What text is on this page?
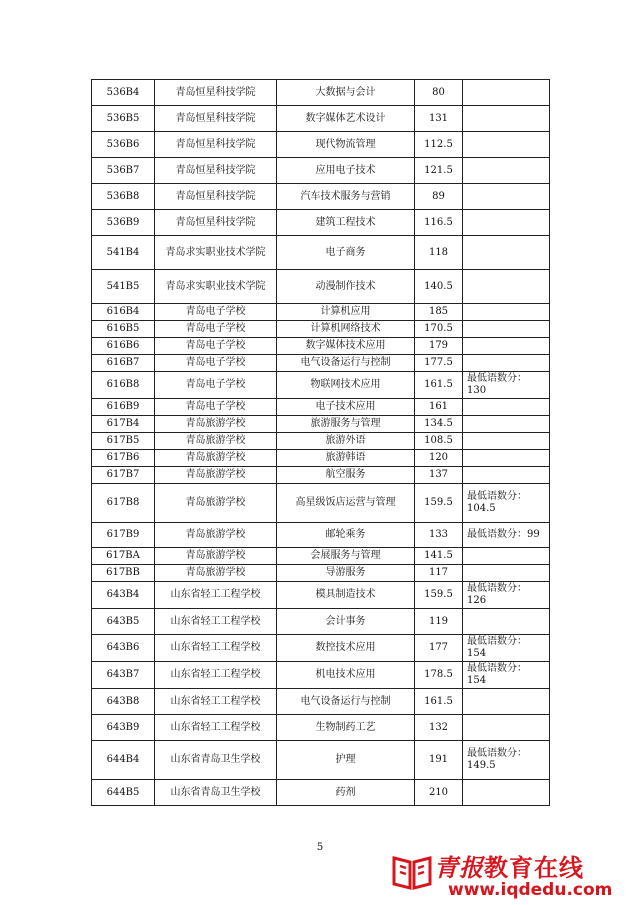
536B4	青岛恒星科技学院	大数据与会计	80	
536B5	青岛恒星科技学院	数字媒体艺术设计	131	
536B6	青岛恒星科技学院	现代物流管理	112.5	
536B7	青岛恒星科技学院	应用电子技术	121.5	
536B8	青岛恒星科技学院	汽车技术服务与营销	89	
536B9	青岛恒星科技学院	建筑工程技术	116.5	
541B4	青岛求实职业技术学院	电子商务	118	
541B5	青岛求实职业技术学院	动漫制作技术	140.5	
616B4	青岛电子学校	计算机应用	185	
616B5	青岛电子学校	计算机网络技术	170.5	
616B6	青岛电子学校	数字媒体技术应用	179	
616B7	青岛电子学校	电气设备运行与控制	177.5	
616B8	青岛电子学校	物联网技术应用	161.5	最低语数分：130
616B9	青岛电子学校	电子技术应用	161	
617B4	青岛旅游学校	旅游服务与管理	134.5	
617B5	青岛旅游学校	旅游外语	108.5	
617B6	青岛旅游学校	旅游韩语	120	
617B7	青岛旅游学校	航空服务	137	
617B8	青岛旅游学校	高星级饭店运营与管理	159.5	最低语数分：104.5
617B9	青岛旅游学校	邮轮乘务	133	最低语数分：99
617BA	青岛旅游学校	会展服务与管理	141.5	
617BB	青岛旅游学校	导游服务	117	
643B4	山东省轻工工程学校	模具制造技术	159.5	最低语数分：126
643B5	山东省轻工工程学校	会计事务	119	
643B6	山东省轻工工程学校	数控技术应用	177	最低语数分：154
643B7	山东省轻工工程学校	机电技术应用	178.5	最低语数分：154
643B8	山东省轻工工程学校	电气设备运行与控制	161.5	
643B9	山东省轻工工程学校	生物制药工艺	132	
644B4	山东省青岛卫生学校	护理	191	最低语数分：149.5
644B5	山东省青岛卫生学校	药剂	210	
5
青报教育在线
www.iqdedu.com
